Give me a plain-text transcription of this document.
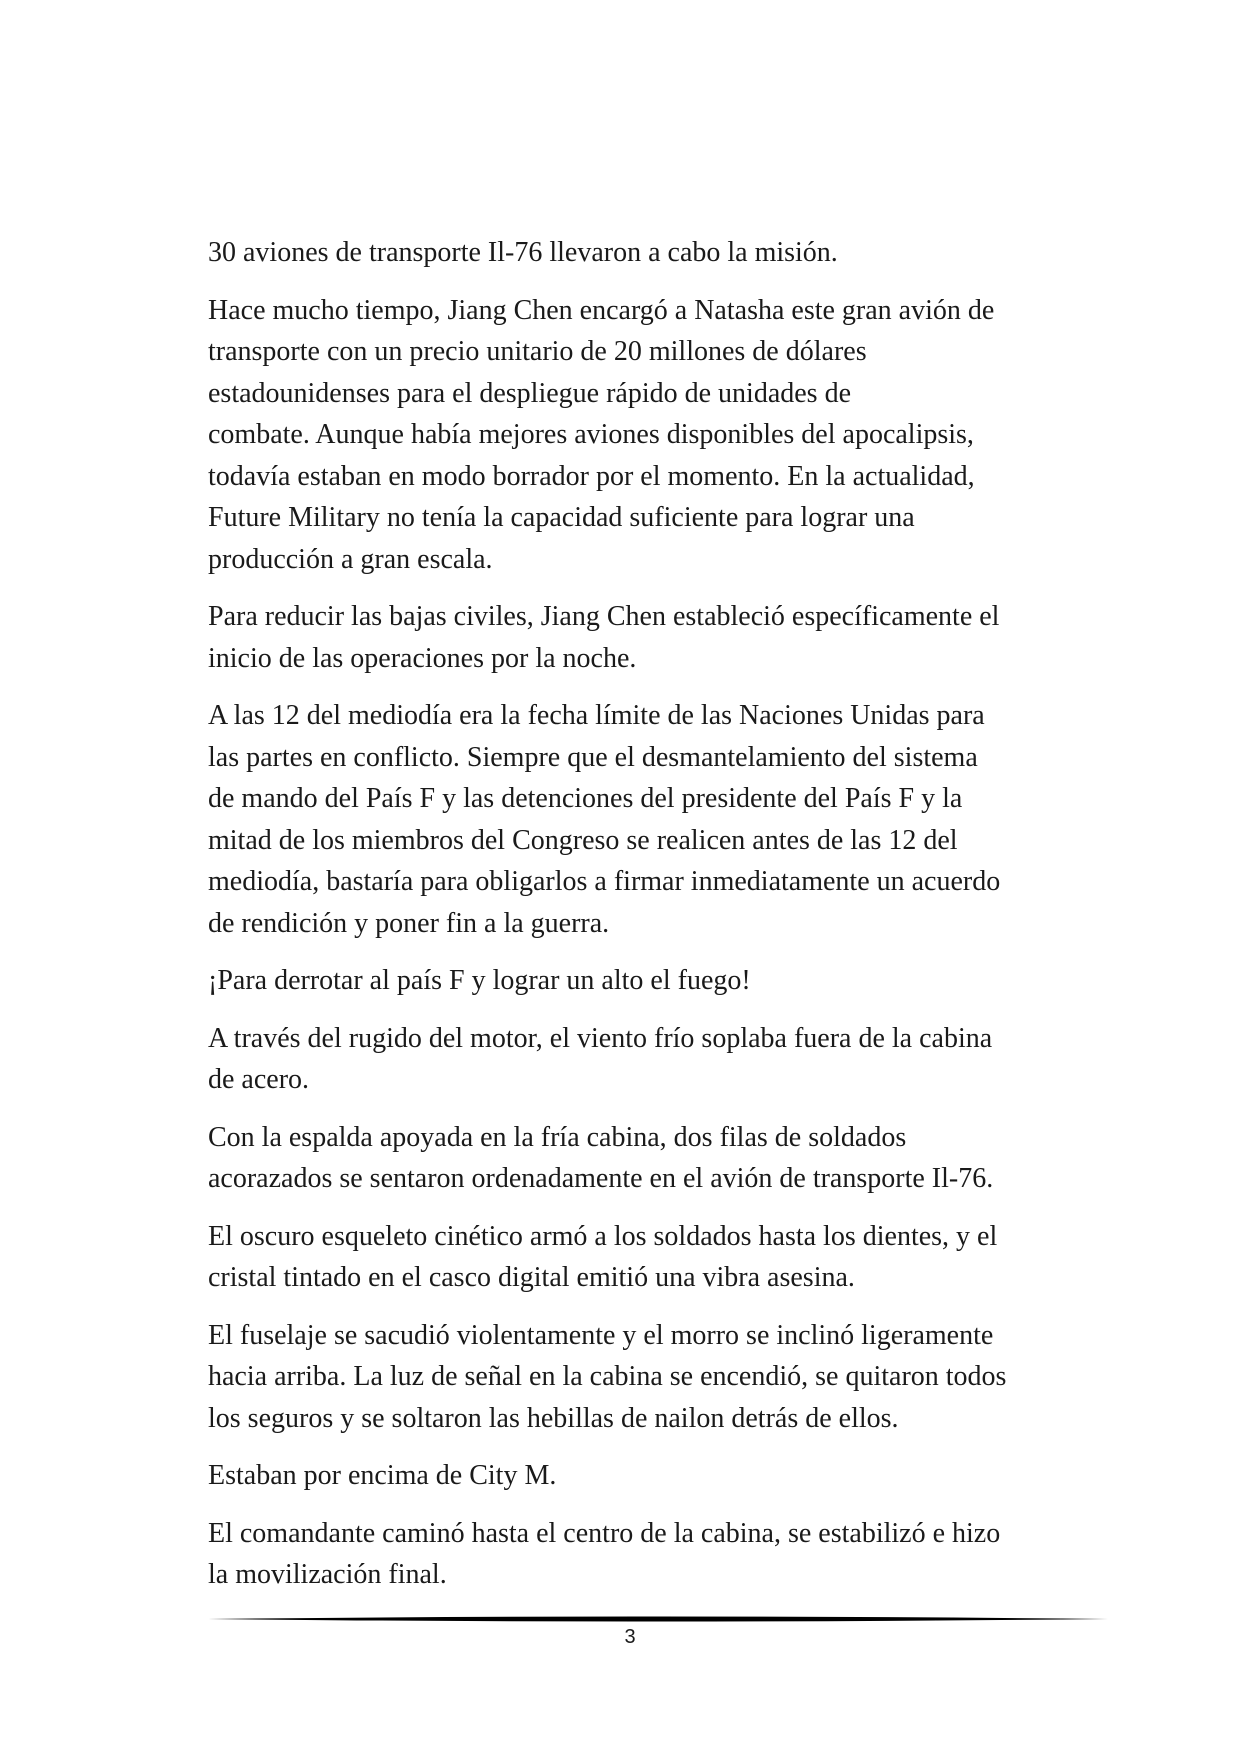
30 aviones de transporte Il-76 llevaron a cabo la misión.

Hace mucho tiempo, Jiang Chen encargó a Natasha este gran avión de
transporte con un precio unitario de 20 millones de dólares
estadounidenses para el despliegue rápido de unidades de
combate. Aunque había mejores aviones disponibles del apocalipsis,
todavía estaban en modo borrador por el momento. En la actualidad,
Future Military no tenía la capacidad suficiente para lograr una
producción a gran escala.

Para reducir las bajas civiles, Jiang Chen estableció específicamente el
inicio de las operaciones por la noche.

A las 12 del mediodía era la fecha límite de las Naciones Unidas para
las partes en conflicto. Siempre que el desmantelamiento del sistema
de mando del País F y las detenciones del presidente del País F y la
mitad de los miembros del Congreso se realicen antes de las 12 del
mediodía, bastaría para obligarlos a firmar inmediatamente un acuerdo
de rendición y poner fin a la guerra.

¡Para derrotar al país F y lograr un alto el fuego!

A través del rugido del motor, el viento frío soplaba fuera de la cabina
de acero.

Con la espalda apoyada en la fría cabina, dos filas de soldados
acorazados se sentaron ordenadamente en el avión de transporte Il-76.

El oscuro esqueleto cinético armó a los soldados hasta los dientes, y el
cristal tintado en el casco digital emitió una vibra asesina.

El fuselaje se sacudió violentamente y el morro se inclinó ligeramente
hacia arriba. La luz de señal en la cabina se encendió, se quitaron todos
los seguros y se soltaron las hebillas de nailon detrás de ellos.

Estaban por encima de City M.

El comandante caminó hasta el centro de la cabina, se estabilizó e hizo
la movilización final.

3
